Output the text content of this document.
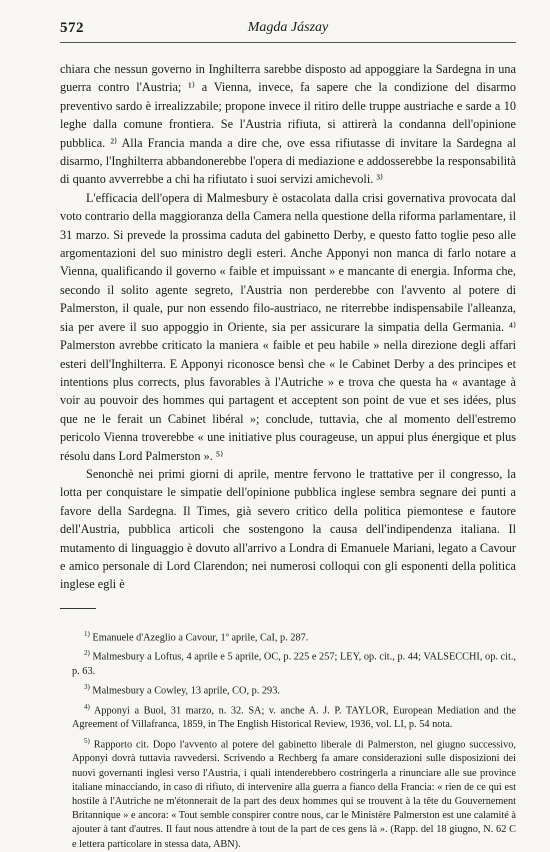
572	Magda Jászay

chiara che nessun governo in Inghilterra sarebbe disposto ad appoggiare la Sardegna in una guerra contro l'Austria; ¹⁾ a Vienna, invece, fa sapere che la condizione del disarmo preventivo sardo è irrealizzabile; propone invece il ritiro delle truppe austriache e sarde a 10 leghe dalla comune frontiera. Se l'Austria rifiuta, si attirerà la condanna dell'opinione pubblica. ²⁾ Alla Francia manda a dire che, ove essa rifiutasse di invitare la Sardegna al disarmo, l'Inghilterra abbandonerebbe l'opera di mediazione e addosserebbe la responsabilità di quanto avverrebbe a chi ha rifiutato i suoi servizi amichevoli. ³⁾

L'efficacia dell'opera di Malmesbury è ostacolata dalla crisi governativa provocata dal voto contrario della maggioranza della Camera nella questione della riforma parlamentare, il 31 marzo. Si prevede la prossima caduta del gabinetto Derby, e questo fatto toglie peso alle argomentazioni del suo ministro degli esteri. Anche Apponyi non manca di farlo notare a Vienna, qualificando il governo « faible et impuissant » e mancante di energia. Informa che, secondo il solito agente segreto, l'Austria non perderebbe con l'avvento al potere di Palmerston, il quale, pur non essendo filo-austriaco, ne riterrebbe indispensabile l'alleanza, sia per avere il suo appoggio in Oriente, sia per assicurare la simpatia della Germania. ⁴⁾ Palmerston avrebbe criticato la maniera « faible et peu habile » nella direzione degli affari esteri dell'Inghilterra. E Apponyi riconosce bensì che « le Cabinet Derby a des principes et intentions plus corrects, plus favorables à l'Autriche » e trova che questa ha « avantage à voir au pouvoir des hommes qui partagent et acceptent son point de vue et ses idées, plus que ne le ferait un Cabinet libéral »; conclude, tuttavia, che al momento dell'estremo pericolo Vienna troverebbe « une initiative plus courageuse, un appui plus énergique et plus résolu dans Lord Palmerston ». ⁵⁾

Senonchè nei primi giorni di aprile, mentre fervono le trattative per il congresso, la lotta per conquistare le simpatie dell'opinione pubblica inglese sembra segnare dei punti a favore della Sardegna. Il Times, già severo critico della politica piemontese e fautore dell'Austria, pubblica articoli che sostengono la causa dell'indipendenza italiana. Il mutamento di linguaggio è dovuto all'arrivo a Londra di Emanuele Mariani, legato a Cavour e amico personale di Lord Clarendon; nei numerosi colloqui con gli esponenti della politica inglese egli è

$^{1)}$ Emanuele d'Azeglio a Cavour, 1º aprile, CaI, p. 287.

$^{2)}$ Malmesbury a Loftus, 4 aprile e 5 aprile, OC, p. 225 e 257; LEY, op. cit., p. 44; VALSECCHI, op. cit., p. 63.

$^{3)}$ Malmesbury a Cowley, 13 aprile, CO, p. 293.

$^{4)}$ Apponyi a Buol, 31 marzo, n. 32. SA; v. anche A. J. P. TAYLOR, European Mediation and the Agreement of Villafranca, 1859, in The English Historical Review, 1936, vol. LI, p. 54 nota.

$^{5)}$ Rapporto cit. Dopo l'avvento al potere del gabinetto liberale di Palmerston, nel giugno successivo, Apponyi dovrà tuttavia ravvedersi. Scrivendo a Rechberg fa amare considerazioni sulle disposizioni dei nuovi governanti inglesi verso l'Austria, i quali intenderebbero costringerla a rinunciare alle sue province italiane minacciando, in caso di rifiuto, di intervenire alla guerra a fianco della Francia: « rien de ce qui est hostile à l'Autriche ne m'étonnerait de la part des deux hommes qui se trouvent à la tête du Gouvernement Britannique » e ancora: « Tout semble conspirer contre nous, car le Ministère Palmerston est une calamité à ajouter à tant d'autres. Il faut nous attendre à tout de la part de ces gens là ». (Rapp. del 18 giugno, N. 62 C e lettera particolare in stessa data, ABN).
